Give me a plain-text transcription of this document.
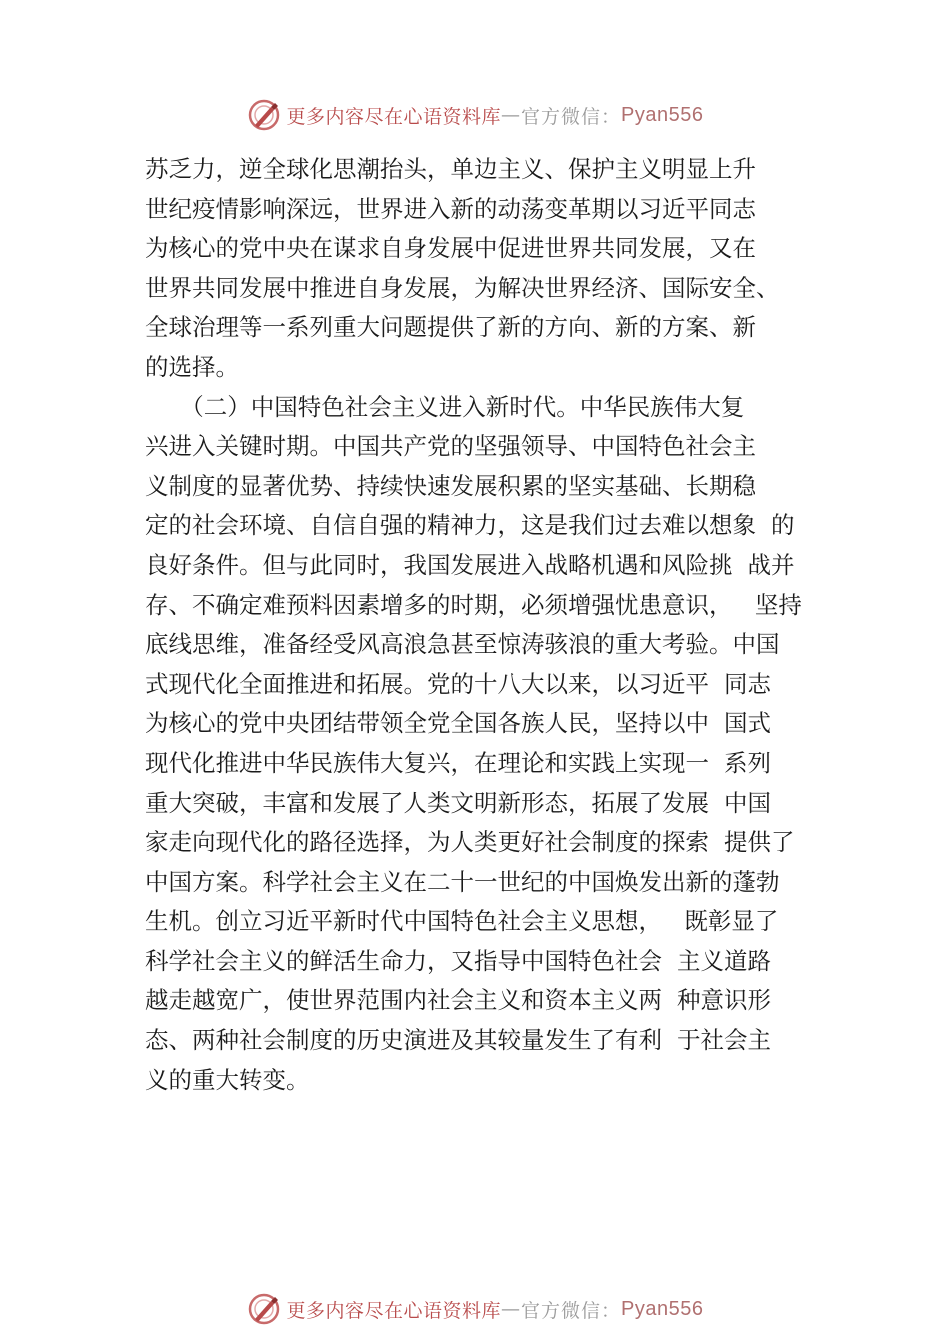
更多内容尽在心语资料库 — 官方微信： Pyan556
苏乏力，逆全球化思潮抬头，单边主义、保护主义明显上升
世纪疫情影响深远，世界进入新的动荡变革期以习近平同志
为核心的党中央在谋求自身发展中促进世界共同发展，又在
世界共同发展中推进自身发展，为解决世界经济、国际安全、
全球治理等一系列重大问题提供了新的方向、新的方案、新
的选择。
　　（二）中国特色社会主义进入新时代。中华民族伟大复
兴进入关键时期。中国共产党的坚强领导、中国特色社会主
义制度的显著优势、持续快速发展积累的坚实基础、长期稳
定的社会环境、自信自强的精神力，这是我们过去难以想象  的
良好条件。但与此同时，我国发展进入战略机遇和风险挑  战并
存、不确定难预料因素增多的时期，必须增强忧患意识，   坚持
底线思维，准备经受风高浪急甚至惊涛骇浪的重大考验。中国
式现代化全面推进和拓展。党的十八大以来，以习近平  同志
为核心的党中央团结带领全党全国各族人民，坚持以中  国式
现代化推进中华民族伟大复兴，在理论和实践上实现一  系列
重大突破，丰富和发展了人类文明新形态，拓展了发展  中国
家走向现代化的路径选择，为人类更好社会制度的探索  提供了
中国方案。科学社会主义在二十一世纪的中国焕发出新的蓬勃
生机。创立习近平新时代中国特色社会主义思想，   既彰显了
科学社会主义的鲜活生命力，又指导中国特色社会  主义道路
越走越宽广，使世界范围内社会主义和资本主义两  种意识形
态、两种社会制度的历史演进及其较量发生了有利  于社会主
义的重大转变。
更多内容尽在心语资料库 — 官方微信： Pyan556
